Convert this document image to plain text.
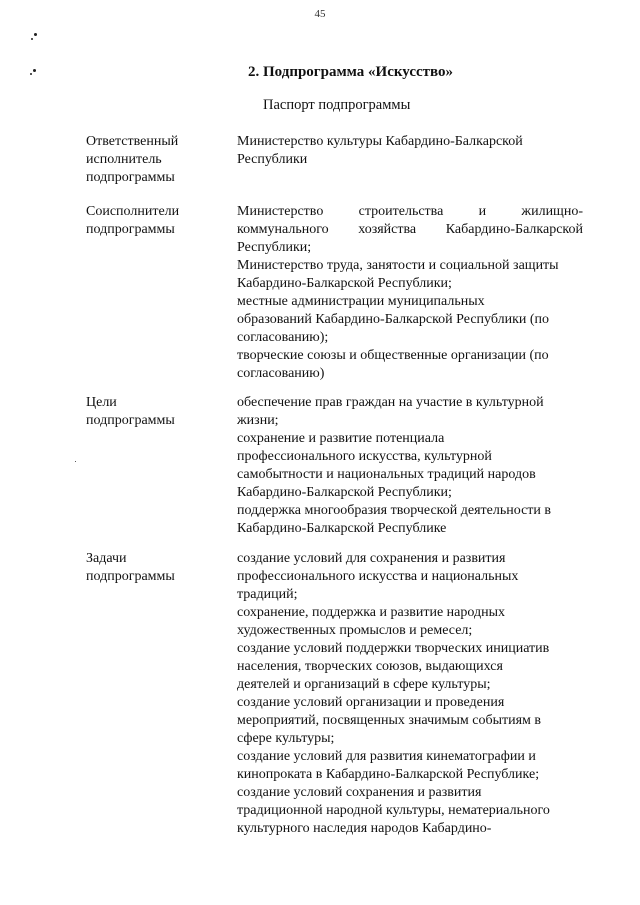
45
2. Подпрограмма «Искусство»
Паспорт подпрограммы
Ответственный
исполнитель
подпрограммы
Министерство культуры Кабардино-Балкарской
Республики
Соисполнители
подпрограммы
Министерство строительства и жилищно-
коммунального хозяйства Кабардино-Балкарской
Республики;
Министерство труда, занятости и социальной защиты
Кабардино-Балкарской Республики;
местные администрации муниципальных
образований Кабардино-Балкарской Республики (по
согласованию);
творческие союзы и общественные организации (по
согласованию)
Цели
подпрограммы
обеспечение прав граждан на участие в культурной
жизни;
сохранение и развитие потенциала
профессионального искусства, культурной
самобытности и национальных традиций народов
Кабардино-Балкарской Республики;
поддержка многообразия творческой деятельности в
Кабардино-Балкарской Республике
Задачи
подпрограммы
создание условий для сохранения и развития
профессионального искусства и национальных
традиций;
сохранение, поддержка и развитие народных
художественных промыслов и ремесел;
создание условий поддержки творческих инициатив
населения, творческих союзов, выдающихся
деятелей и организаций в сфере культуры;
создание условий организации и проведения
мероприятий, посвященных значимым событиям в
сфере культуры;
создание условий для развития кинематографии и
кинопроката в Кабардино-Балкарской Республике;
создание условий сохранения и развития
традиционной народной культуры, нематериального
культурного наследия народов Кабардино-
